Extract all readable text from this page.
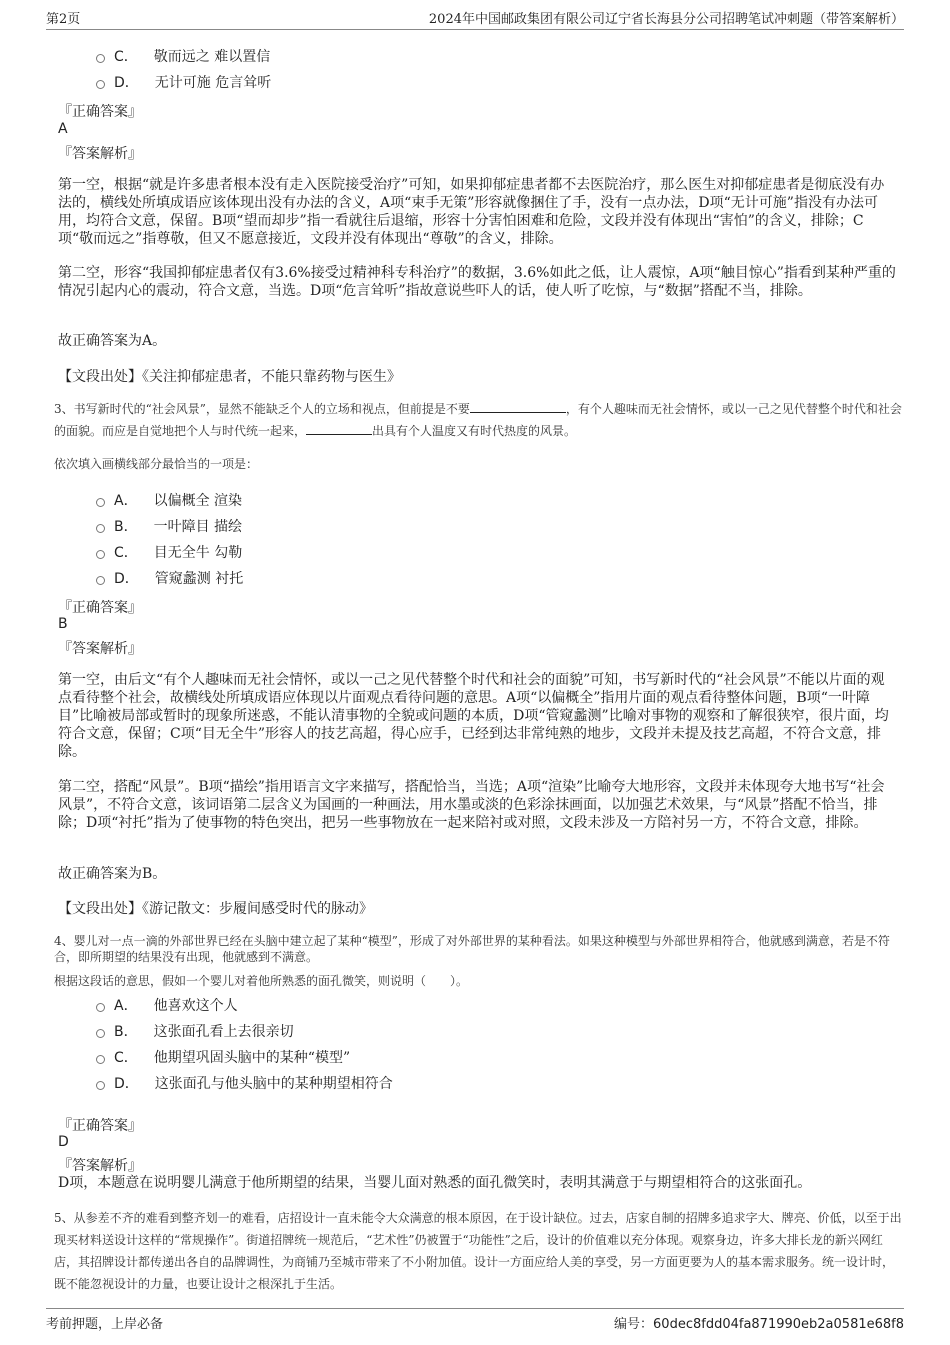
第2页	2024年中国邮政集团有限公司辽宁省长海县分公司招聘笔试冲刺题（带答案解析）
C． 敬而远之 难以置信
D． 无计可施 危言耸听
『正确答案』
A
『答案解析』
第一空，根据“就是许多患者根本没有走入医院接受治疗”可知，如果抑郁症患者都不去医院治疗，那么医生对抑郁症患者是彻底没有办法的，横线处所填成语应该体现出没有办法的含义，A项“束手无策”形容就像捆住了手，没有一点办法，D项“无计可施”指没有办法可用，均符合文意，保留。B项“望而却步”指一看就往后退缩，形容十分害怕困难和危险，文段并没有体现出“害怕”的含义，排除；C项“敬而远之”指尊敬，但又不愿意接近，文段并没有体现出“尊敬”的含义，排除。
第二空，形容“我国抑郁症患者仅有3.6%接受过精神科专科治疗”的数据，3.6%如此之低，让人震惊，A项“触目惊心”指看到某种严重的情况引起内心的震动，符合文意，当选。D项“危言耸听”指故意说些吓人的话，使人听了吃惊，与“数据”搭配不当，排除。
故正确答案为A。
【文段出处】《关注抑郁症患者，不能只靠药物与医生》
3、书写新时代的“社会风景”，显然不能缺乏个人的立场和视点，但前提是不要	，有个人趣味而无社会情怀，或以一己之见代替整个时代和社会的面貌。而应是自觉地把个人与时代统一起来，	出具有个人温度又有时代热度的风景。
依次填入画横线部分最恰当的一项是：
A． 以偏概全 渲染
B． 一叶障目 描绘
C． 目无全牛 勾勒
D． 管窥蠡测 衬托
『正确答案』
B
『答案解析』
第一空，由后文“有个人趣味而无社会情怀，或以一己之见代替整个时代和社会的面貌”可知，书写新时代的“社会风景”不能以片面的观点看待整个社会，故横线处所填成语应体现以片面观点看待问题的意思。A项“以偏概全”指用片面的观点看待整体问题，B项“一叶障目”比喻被局部或暂时的现象所迷惑，不能认清事物的全貌或问题的本质，D项“管窥蠡测”比喻对事物的观察和了解很狭窄，很片面，均符合文意，保留；C项“目无全牛”形容人的技艺高超，得心应手，已经到达非常纯熟的地步，文段并未提及技艺高超，不符合文意，排除。
第二空，搭配“风景”。B项“描绘”指用语言文字来描写，搭配恰当，当选；A项“渲染”比喻夸大地形容，文段并未体现夸大地书写“社会风景”，不符合文意，该词语第二层含义为国画的一种画法，用水墨或淡的色彩涂抹画面，以加强艺术效果，与“风景”搭配不恰当，排除；D项“衬托”指为了使事物的特色突出，把另一些事物放在一起来陪衬或对照，文段未涉及一方陪衬另一方，不符合文意，排除。
故正确答案为B。
【文段出处】《游记散文：步履间感受时代的脉动》
4、婴儿对一点一滴的外部世界已经在头脑中建立起了某种“模型”，形成了对外部世界的某种看法。如果这种模型与外部世界相符合，他就感到满意，若是不符合，即所期望的结果没有出现，他就感到不满意。
根据这段话的意思，假如一个婴儿对着他所熟悉的面孔微笑，则说明（　　）。
A． 他喜欢这个人
B． 这张面孔看上去很亲切
C． 他期望巩固头脑中的某种“模型”
D． 这张面孔与他头脑中的某种期望相符合
『正确答案』
D
『答案解析』
D项，本题意在说明婴儿满意于他所期望的结果，当婴儿面对熟悉的面孔微笑时，表明其满意于与期望相符合的这张面孔。
5、从参差不齐的难看到整齐划一的难看，店招设计一直未能令大众满意的根本原因，在于设计缺位。过去，店家自制的招牌多追求字大、牌亮、价低，以至于出现买材料送设计这样的“常规操作”。街道招牌统一规范后，“艺术性”仍被置于“功能性”之后，设计的价值难以充分体现。观察身边，许多大排长龙的新兴网红店，其招牌设计都传递出各自的品牌调性，为商铺乃至城市带来了不小附加值。设计一方面应给人美的享受，另一方面更要为人的基本需求服务。统一设计时，既不能忽视设计的力量，也要让设计之根深扎于生活。
考前押题，上岸必备	编号：60dec8fdd04fa871990eb2a0581e68f8
